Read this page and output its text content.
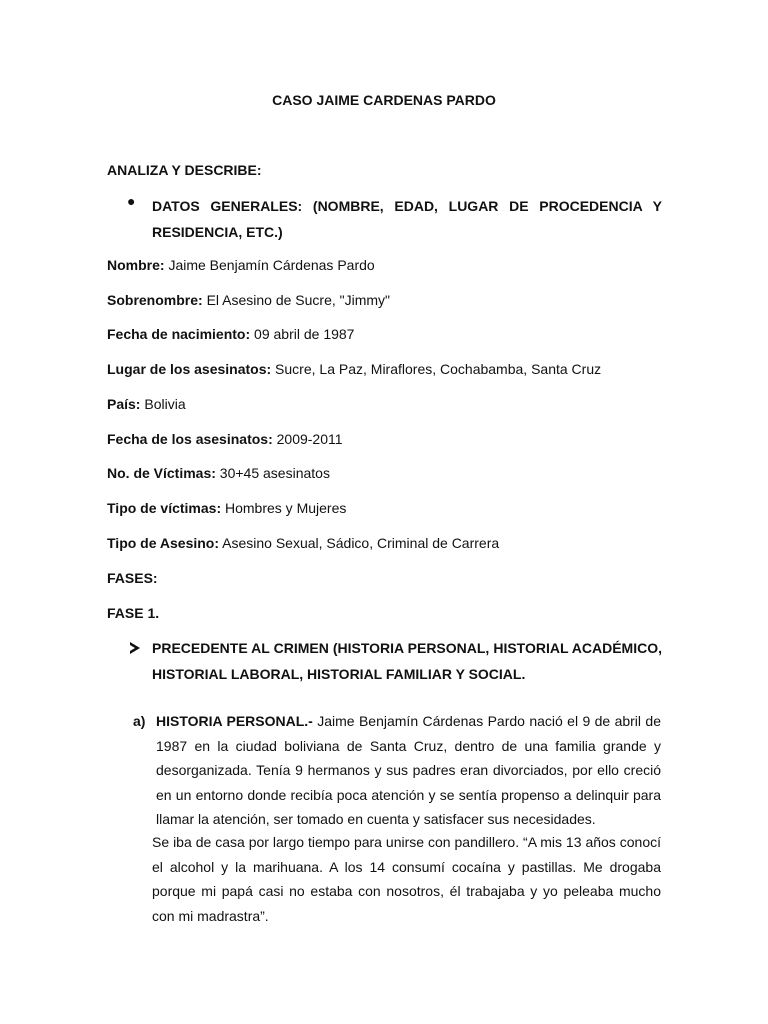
CASO JAIME CARDENAS PARDO
ANALIZA Y DESCRIBE:
● DATOS GENERALES: (NOMBRE, EDAD, LUGAR DE PROCEDENCIA Y RESIDENCIA, ETC.)
Nombre: Jaime Benjamín Cárdenas Pardo
Sobrenombre: El Asesino de Sucre, "Jimmy"
Fecha de nacimiento: 09 abril de 1987
Lugar de los asesinatos: Sucre, La Paz, Miraflores, Cochabamba, Santa Cruz
País: Bolivia
Fecha de los asesinatos: 2009-2011
No. de Víctimas: 30+45 asesinatos
Tipo de víctimas: Hombres y Mujeres
Tipo de Asesino: Asesino Sexual, Sádico, Criminal de Carrera
FASES:
FASE 1.
PRECEDENTE AL CRIMEN (HISTORIA PERSONAL, HISTORIAL ACADÉMICO, HISTORIAL LABORAL, HISTORIAL FAMILIAR Y SOCIAL.
a) HISTORIA PERSONAL.- Jaime Benjamín Cárdenas Pardo nació el 9 de abril de 1987 en la ciudad boliviana de Santa Cruz, dentro de una familia grande y desorganizada. Tenía 9 hermanos y sus padres eran divorciados, por ello creció en un entorno donde recibía poca atención y se sentía propenso a delinquir para llamar la atención, ser tomado en cuenta y satisfacer sus necesidades.
Se iba de casa por largo tiempo para unirse con pandillero. “A mis 13 años conocí el alcohol y la marihuana. A los 14 consumí cocaína y pastillas. Me drogaba porque mi papá casi no estaba con nosotros, él trabajaba y yo peleaba mucho con mi madrastra”.
